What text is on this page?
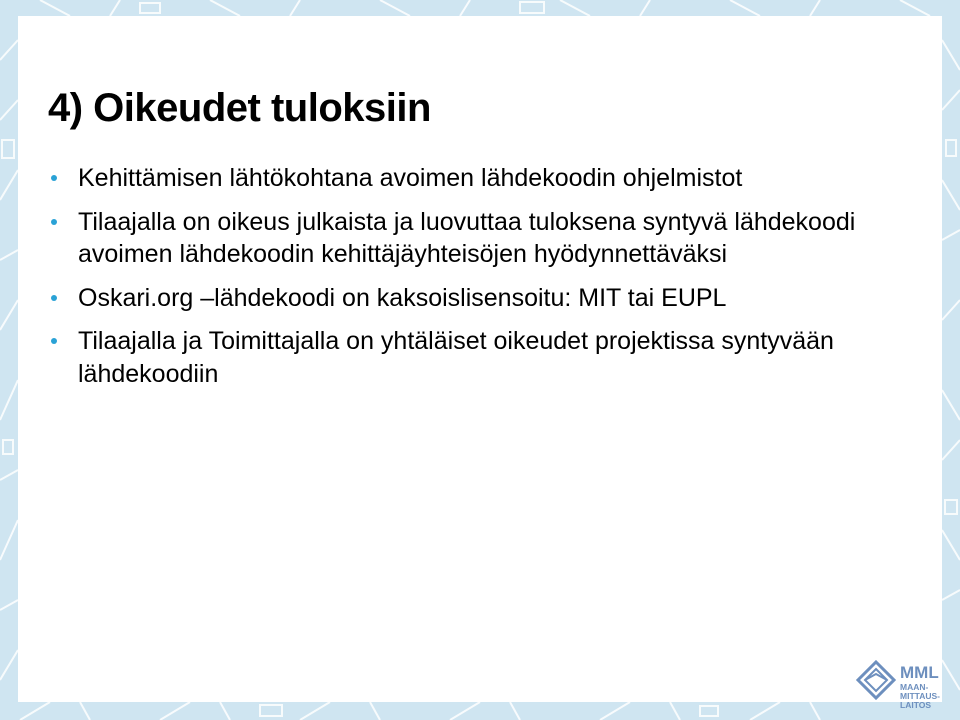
4) Oikeudet tuloksiin
Kehittämisen lähtökohtana avoimen lähdekoodin ohjelmistot
Tilaajalla on oikeus julkaista ja luovuttaa tuloksena syntyvä lähdekoodi avoimen lähdekoodin kehittäjäyhteisöjen hyödynnettäväksi
Oskari.org –lähdekoodi on kaksoislisensoitu: MIT tai EUPL
Tilaajalla ja Toimittajalla on yhtäläiset oikeudet projektissa syntyvään lähdekoodiin
MML
MAAN-
MITTAUS-
LAITOS
